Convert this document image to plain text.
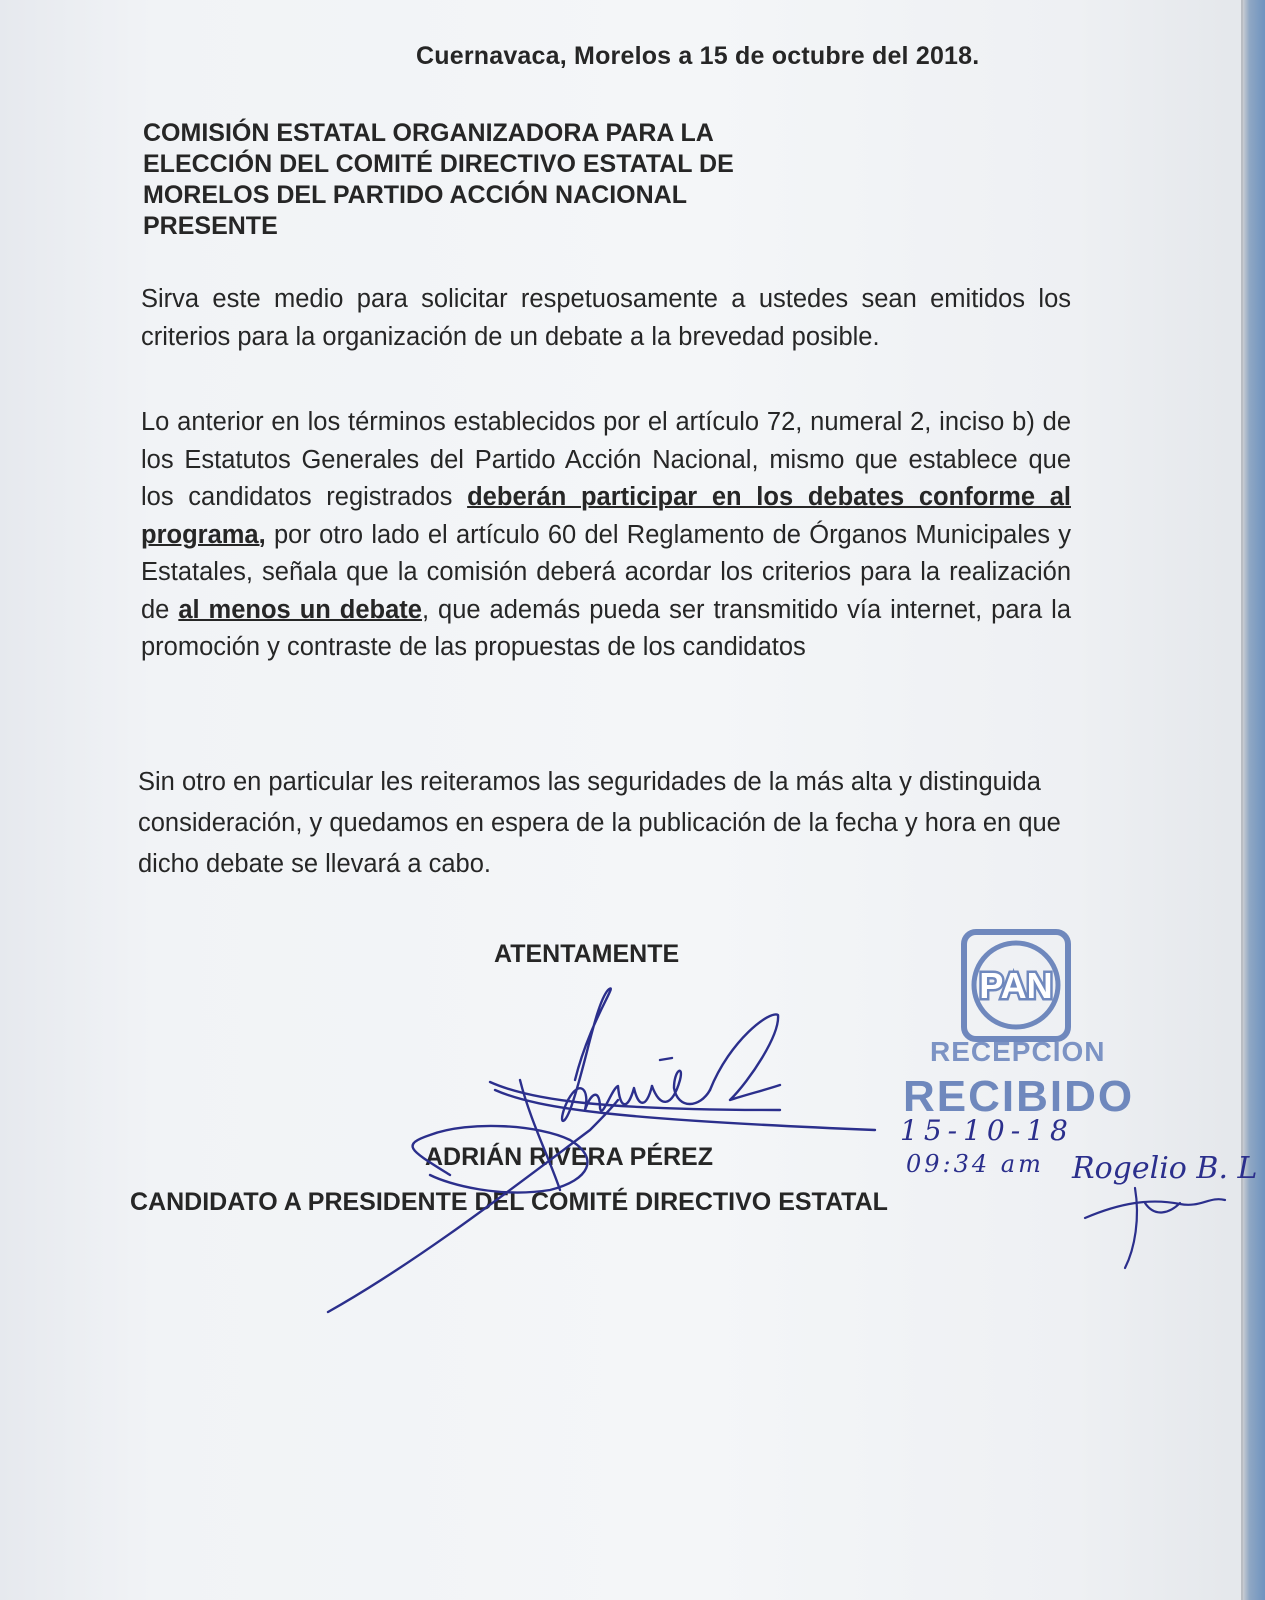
Cuernavaca, Morelos a 15 de octubre del 2018.
COMISIÓN ESTATAL ORGANIZADORA PARA LA
ELECCIÓN DEL COMITÉ DIRECTIVO ESTATAL DE
MORELOS DEL PARTIDO ACCIÓN NACIONAL
PRESENTE
Sirva este medio para solicitar respetuosamente a ustedes sean emitidos los criterios para la organización de un debate a la brevedad posible.
Lo anterior en los términos establecidos por el artículo 72, numeral 2, inciso b) de los Estatutos Generales del Partido Acción Nacional, mismo que establece que los candidatos registrados deberán participar en los debates conforme al programa, por otro lado el artículo 60 del Reglamento de Órganos Municipales y Estatales, señala que la comisión deberá acordar los criterios para la realización de al menos un debate, que además pueda ser transmitido vía internet, para la promoción y contraste de las propuestas de los candidatos
Sin otro en particular les reiteramos las seguridades de la más alta y distinguida consideración, y quedamos en espera de la publicación de la fecha y hora en que dicho debate se llevará a cabo.
ATENTAMENTE
ADRIÁN RIVERA PÉREZ
CANDIDATO A PRESIDENTE DEL COMITÉ DIRECTIVO ESTATAL
PAN
RECEPCION
RECIBIDO
15-10-18
09:34 am Rogelio B. L
